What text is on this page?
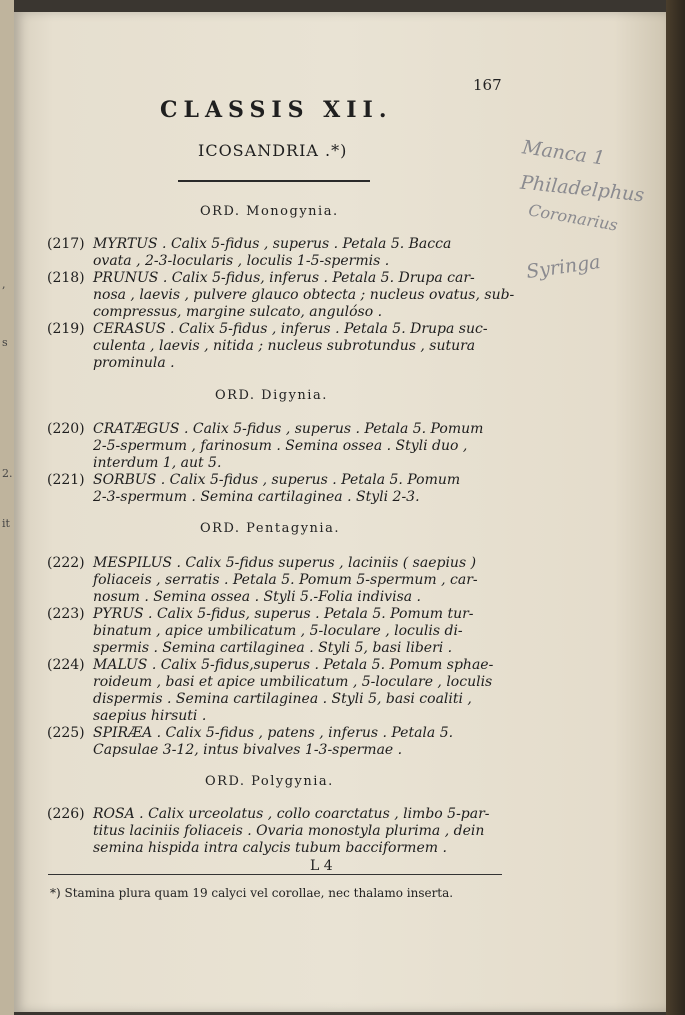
,
s
2.
it
167
CLASSIS XII.
ICOSANDRIA .*)
ORD. Monogynia.
ORD. Digynia.
ORD. Pentagynia.
ORD. Polygynia.
(217) MYRTUS . Calix 5-fidus , superus . Petala 5. Bacca
ovata , 2-3-locularis , loculis 1-5-spermis .
(218) PRUNUS . Calix 5-fidus, inferus . Petala 5. Drupa car-
nosa , laevis , pulvere glauco obtecta ; nucleus ovatus, sub-
compressus, margine sulcato, angulóso .
(219) CERASUS . Calix 5-fidus , inferus . Petala 5. Drupa suc-
culenta , laevis , nitida ; nucleus subrotundus , sutura
prominula .
(220) CRATÆGUS . Calix 5-fidus , superus . Petala 5. Pomum
2-5-spermum , farinosum . Semina ossea . Styli duo ,
interdum 1, aut 5.
(221) SORBUS . Calix 5-fidus , superus . Petala 5. Pomum
2-3-spermum . Semina cartilaginea . Styli 2-3.
(222) MESPILUS . Calix 5-fidus superus , laciniis ( saepius )
foliaceis , serratis . Petala 5. Pomum 5-spermum , car-
nosum . Semina ossea . Styli 5.-Folia indivisa .
(223) PYRUS . Calix 5-fidus, superus . Petala 5. Pomum tur-
binatum , apice umbilicatum , 5-loculare , loculis di-
spermis . Semina cartilaginea . Styli 5, basi liberi .
(224) MALUS . Calix 5-fidus,superus . Petala 5. Pomum sphae-
roideum , basi et apice umbilicatum , 5-loculare , loculis
dispermis . Semina cartilaginea . Styli 5, basi coaliti ,
saepius hirsuti .
(225) SPIRÆA . Calix 5-fidus , patens , inferus . Petala 5.
Capsulae 3-12, intus bivalves 1-3-spermae .
(226) ROSA . Calix urceolatus , collo coarctatus , limbo 5-par-
titus laciniis foliaceis . Ovaria monostyla plurima , dein
semina hispida intra calycis tubum bacciformem .
L 4
*) Stamina plura quam 19 calyci vel corollae, nec thalamo inserta.
Manca 1
Philadelphus
Coronarius
Syringa
